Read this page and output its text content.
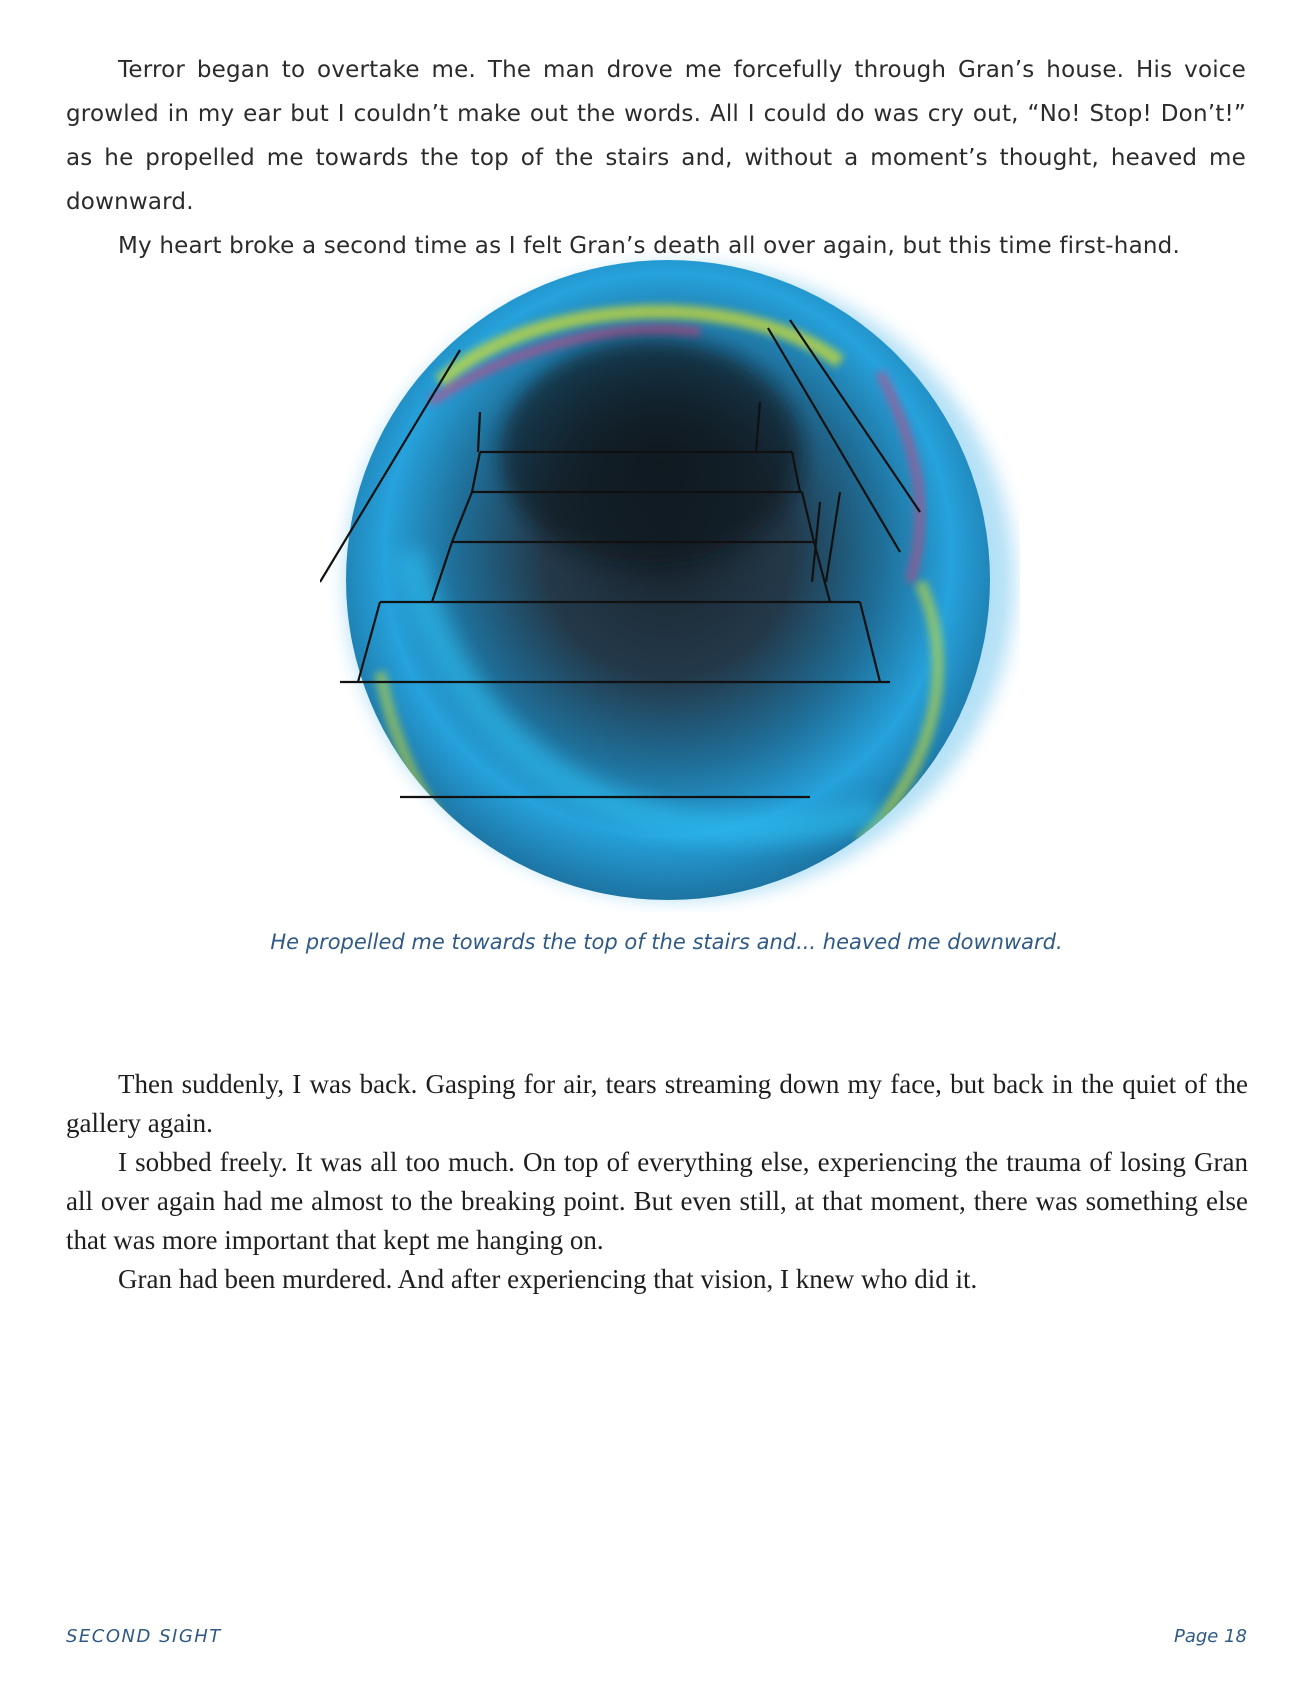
Terror began to overtake me. The man drove me forcefully through Gran’s house. His voice growled in my ear but I couldn’t make out the words. All I could do was cry out, “No! Stop! Don’t!” as he propelled me towards the top of the stairs and, without a moment’s thought, heaved me downward.

My heart broke a second time as I felt Gran’s death all over again, but this time first-hand.

He propelled me towards the top of the stairs and... heaved me downward.

Then suddenly, I was back. Gasping for air, tears streaming down my face, but back in the quiet of the gallery again.

I sobbed freely. It was all too much. On top of everything else, experiencing the trauma of losing Gran all over again had me almost to the breaking point. But even still, at that moment, there was something else that was more important that kept me hanging on.

Gran had been murdered. And after experiencing that vision, I knew who did it.

SECOND SIGHT	Page 18
